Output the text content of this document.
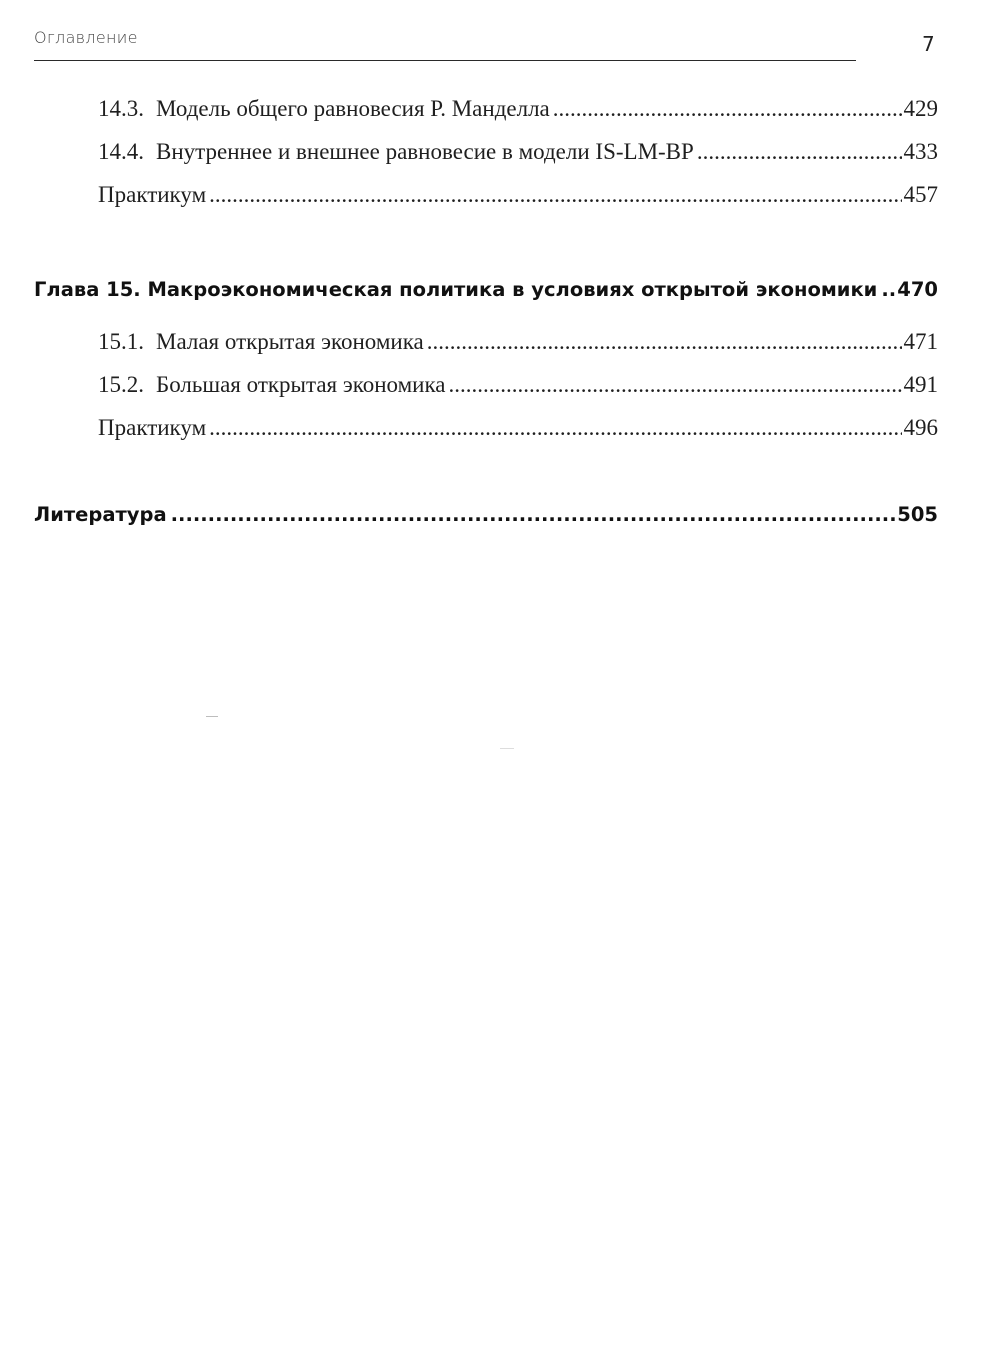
Оглавление	7
14.3. Модель общего равновесия Р. Манделла .....	429
14.4. Внутреннее и внешнее равновесие в модели IS-LM-BP .....	433
Практикум .....	457
Глава 15. Макроэкономическая политика в условиях открытой экономики ..... 470
15.1. Малая открытая экономика .....	471
15.2. Большая открытая экономика .....	491
Практикум .....	496
Литература .....	505
